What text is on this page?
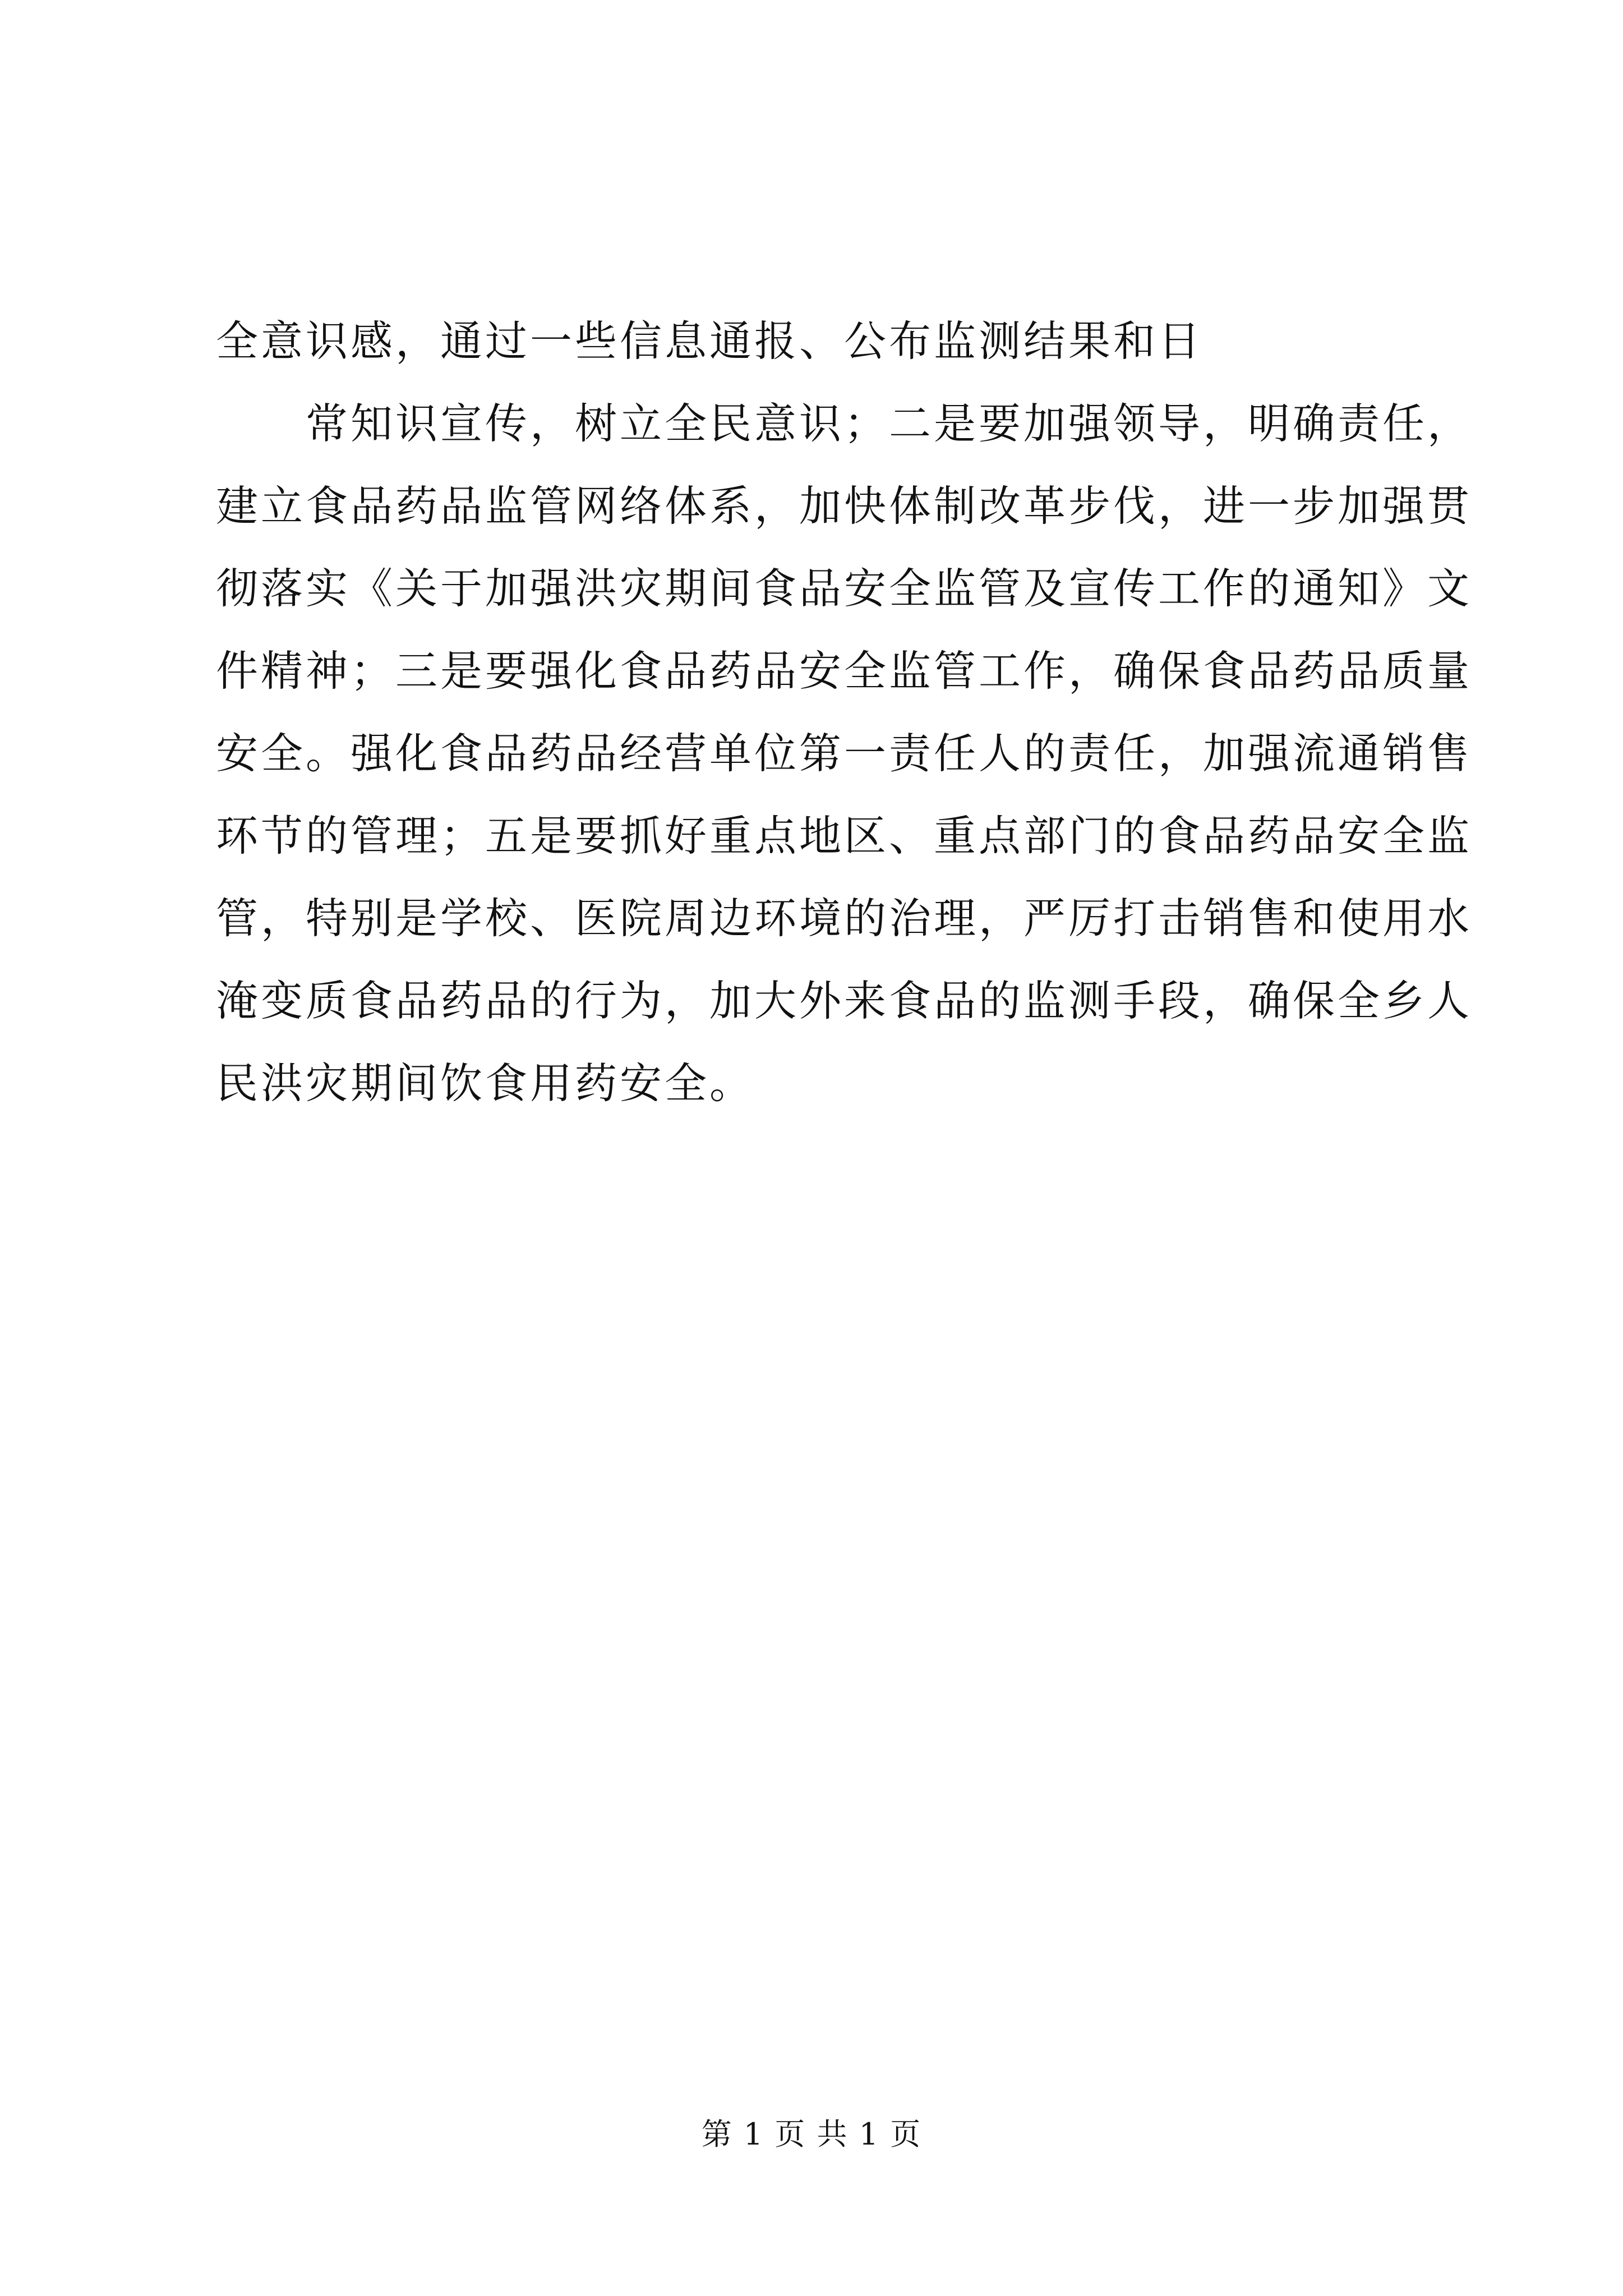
全意识感，通过一些信息通报、公布监测结果和日
常知识宣传，树立全民意识；二是要加强领导，明确责任，
建立食品药品监管网络体系，加快体制改革步伐，进一步加强贯
彻落实《关于加强洪灾期间食品安全监管及宣传工作的通知》文
件精神；三是要强化食品药品安全监管工作，确保食品药品质量
安全。强化食品药品经营单位第一责任人的责任，加强流通销售
环节的管理；五是要抓好重点地区、重点部门的食品药品安全监
管，特别是学校、医院周边环境的治理，严厉打击销售和使用水
淹变质食品药品的行为，加大外来食品的监测手段，确保全乡人
民洪灾期间饮食用药安全。
第 1 页 共 1 页
